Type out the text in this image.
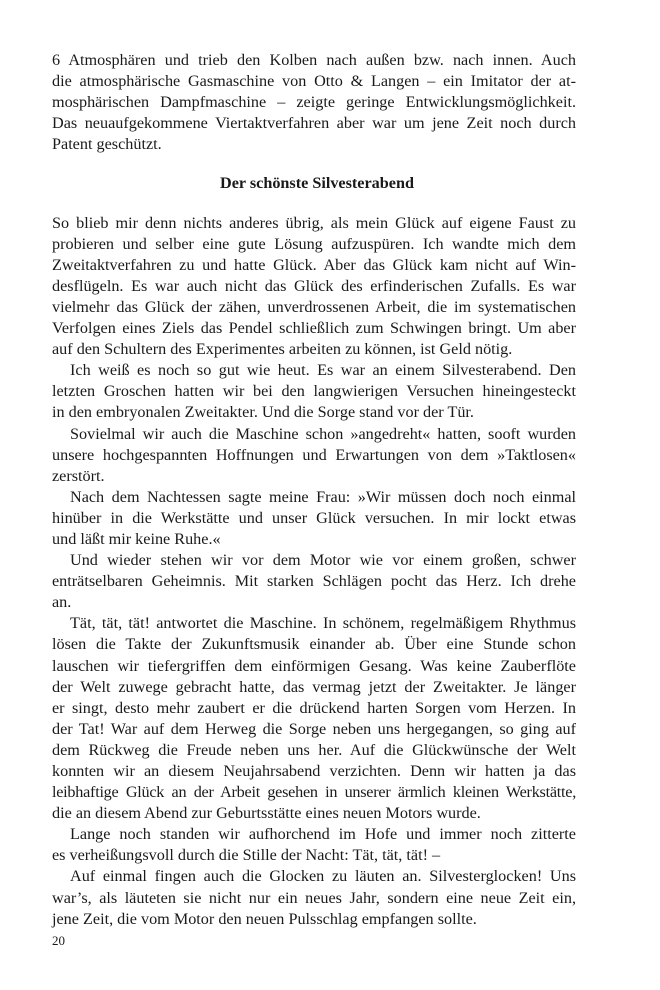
6 Atmosphären und trieb den Kolben nach außen bzw. nach innen. Auch
die atmosphärische Gasmaschine von Otto & Langen – ein Imitator der at-
mosphärischen Dampfmaschine – zeigte geringe Entwicklungsmöglichkeit.
Das neuaufgekommene Viertaktverfahren aber war um jene Zeit noch durch
Patent geschützt.
Der schönste Silvesterabend
So blieb mir denn nichts anderes übrig, als mein Glück auf eigene Faust zu
probieren und selber eine gute Lösung aufzuspüren. Ich wandte mich dem
Zweitaktverfahren zu und hatte Glück. Aber das Glück kam nicht auf Win-
desflügeln. Es war auch nicht das Glück des erfinderischen Zufalls. Es war
vielmehr das Glück der zähen, unverdrossenen Arbeit, die im systematischen
Verfolgen eines Ziels das Pendel schließlich zum Schwingen bringt. Um aber
auf den Schultern des Experimentes arbeiten zu können, ist Geld nötig.
Ich weiß es noch so gut wie heut. Es war an einem Silvesterabend. Den
letzten Groschen hatten wir bei den langwierigen Versuchen hineingesteckt
in den embryonalen Zweitakter. Und die Sorge stand vor der Tür.
Sovielmal wir auch die Maschine schon »angedreht« hatten, sooft wurden
unsere hochgespannten Hoffnungen und Erwartungen von dem »Taktlosen«
zerstört.
Nach dem Nachtessen sagte meine Frau: »Wir müssen doch noch einmal
hinüber in die Werkstätte und unser Glück versuchen. In mir lockt etwas
und läßt mir keine Ruhe.«
Und wieder stehen wir vor dem Motor wie vor einem großen, schwer
enträtselbaren Geheimnis. Mit starken Schlägen pocht das Herz. Ich drehe
an.
Tät, tät, tät! antwortet die Maschine. In schönem, regelmäßigem Rhythmus
lösen die Takte der Zukunftsmusik einander ab. Über eine Stunde schon
lauschen wir tiefergriffen dem einförmigen Gesang. Was keine Zauberflöte
der Welt zuwege gebracht hatte, das vermag jetzt der Zweitakter. Je länger
er singt, desto mehr zaubert er die drückend harten Sorgen vom Herzen. In
der Tat! War auf dem Herweg die Sorge neben uns hergegangen, so ging auf
dem Rückweg die Freude neben uns her. Auf die Glückwünsche der Welt
konnten wir an diesem Neujahrsabend verzichten. Denn wir hatten ja das
leibhaftige Glück an der Arbeit gesehen in unserer ärmlich kleinen Werkstätte,
die an diesem Abend zur Geburtsstätte eines neuen Motors wurde.
Lange noch standen wir aufhorchend im Hofe und immer noch zitterte
es verheißungsvoll durch die Stille der Nacht: Tät, tät, tät! –
Auf einmal fingen auch die Glocken zu läuten an. Silvesterglocken! Uns
war’s, als läuteten sie nicht nur ein neues Jahr, sondern eine neue Zeit ein,
jene Zeit, die vom Motor den neuen Pulsschlag empfangen sollte.
20
